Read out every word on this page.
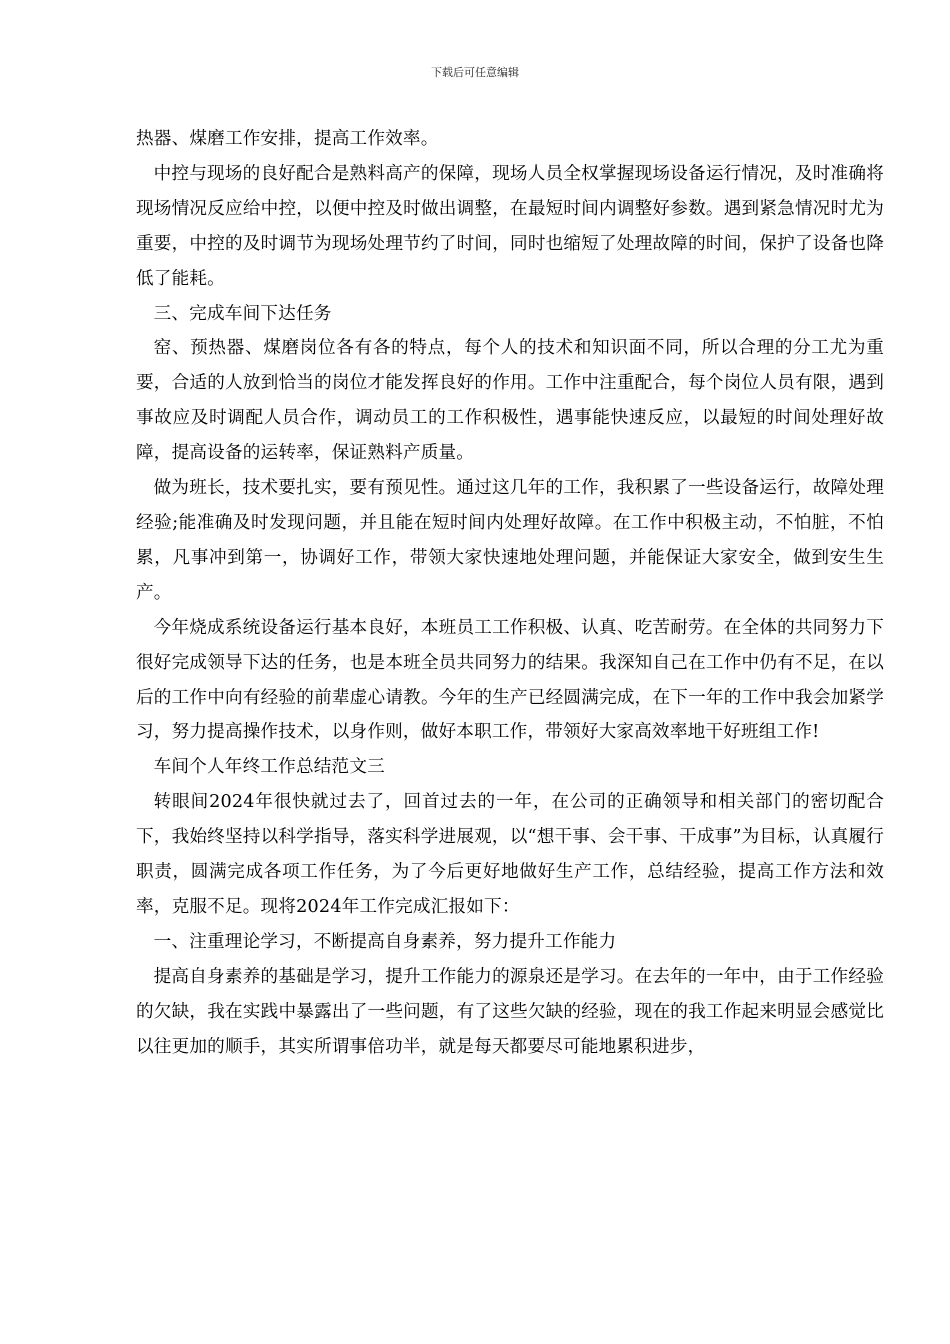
下载后可任意编辑

热器、煤磨工作安排，提高工作效率。

中控与现场的良好配合是熟料高产的保障，现场人员全权掌握现场设备运行情况，及时准确将现场情况反应给中控，以便中控及时做出调整，在最短时间内调整好参数。遇到紧急情况时尤为重要，中控的及时调节为现场处理节约了时间，同时也缩短了处理故障的时间，保护了设备也降低了能耗。

三、完成车间下达任务

窑、预热器、煤磨岗位各有各的特点，每个人的技术和知识面不同，所以合理的分工尤为重要，合适的人放到恰当的岗位才能发挥良好的作用。工作中注重配合，每个岗位人员有限，遇到事故应及时调配人员合作，调动员工的工作积极性，遇事能快速反应，以最短的时间处理好故障，提高设备的运转率，保证熟料产质量。

做为班长，技术要扎实，要有预见性。通过这几年的工作，我积累了一些设备运行，故障处理经验;能准确及时发现问题，并且能在短时间内处理好故障。在工作中积极主动，不怕脏，不怕累，凡事冲到第一，协调好工作，带领大家快速地处理问题，并能保证大家安全，做到安生生产。

今年烧成系统设备运行基本良好，本班员工工作积极、认真、吃苦耐劳。在全体的共同努力下很好完成领导下达的任务，也是本班全员共同努力的结果。我深知自己在工作中仍有不足，在以后的工作中向有经验的前辈虚心请教。今年的生产已经圆满完成，在下一年的工作中我会加紧学习，努力提高操作技术，以身作则，做好本职工作，带领好大家高效率地干好班组工作!

车间个人年终工作总结范文三

转眼间2024年很快就过去了，回首过去的一年，在公司的正确领导和相关部门的密切配合下，我始终坚持以科学指导，落实科学进展观，以“想干事、会干事、干成事”为目标，认真履行职责，圆满完成各项工作任务，为了今后更好地做好生产工作，总结经验，提高工作方法和效率，克服不足。现将2024年工作完成汇报如下：

一、注重理论学习，不断提高自身素养，努力提升工作能力

提高自身素养的基础是学习，提升工作能力的源泉还是学习。在去年的一年中，由于工作经验的欠缺，我在实践中暴露出了一些问题，有了这些欠缺的经验，现在的我工作起来明显会感觉比以往更加的顺手，其实所谓事倍功半，就是每天都要尽可能地累积进步，
